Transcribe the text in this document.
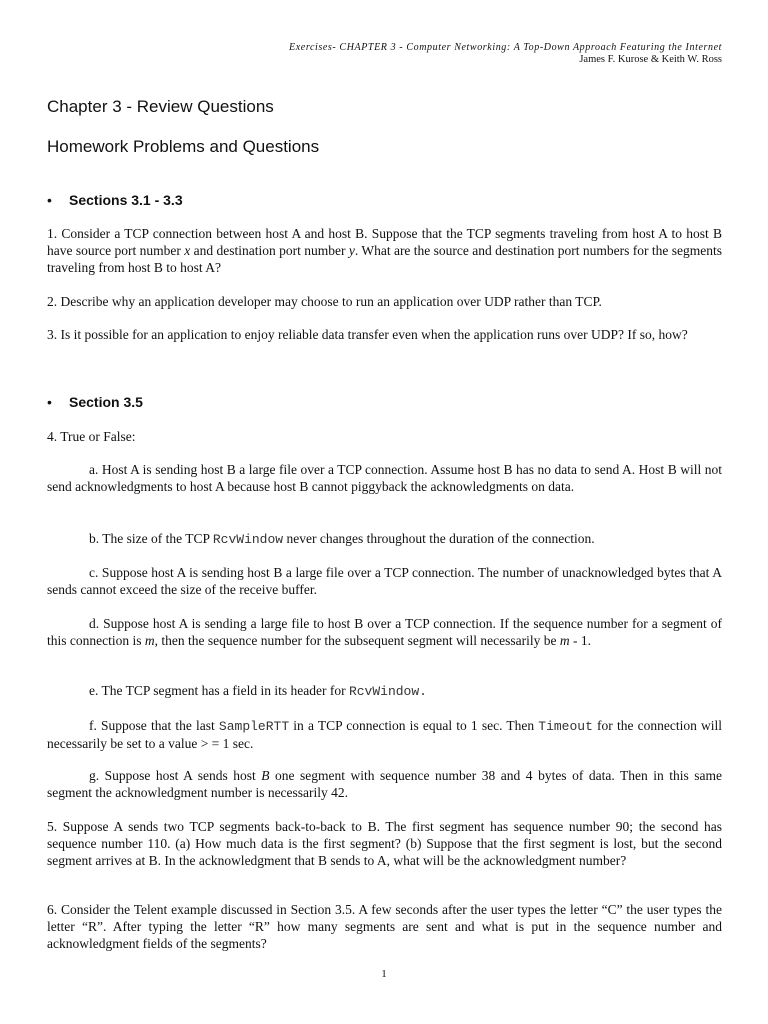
Exercises- CHAPTER 3 - Computer Networking: A Top-Down Approach Featuring the Internet
James F. Kurose & Keith W. Ross
Chapter 3 - Review Questions
Homework Problems and Questions
• Sections 3.1 - 3.3

1. Consider a TCP connection between host A and host B. Suppose that the TCP segments traveling from host A to host B have source port number x and destination port number y. What are the source and destination port numbers for the segments traveling from host B to host A?

2. Describe why an application developer may choose to run an application over UDP rather than TCP.

3. Is it possible for an application to enjoy reliable data transfer even when the application runs over UDP? If so, how?

• Section 3.5

4. True or False:

a. Host A is sending host B a large file over a TCP connection. Assume host B has no data to send A. Host B will not send acknowledgments to host A because host B cannot piggyback the acknowledgments on data.

b. The size of the TCP RcvWindow never changes throughout the duration of the connection.

c. Suppose host A is sending host B a large file over a TCP connection. The number of unacknowledged bytes that A sends cannot exceed the size of the receive buffer.

d. Suppose host A is sending a large file to host B over a TCP connection. If the sequence number for a segment of this connection is m, then the sequence number for the subsequent segment will necessarily be m - 1.

e. The TCP segment has a field in its header for RcvWindow.

f. Suppose that the last SampleRTT in a TCP connection is equal to 1 sec. Then Timeout for the connection will necessarily be set to a value > = 1 sec.

g. Suppose host A sends host B one segment with sequence number 38 and 4 bytes of data. Then in this same segment the acknowledgment number is necessarily 42.

5. Suppose A sends two TCP segments back-to-back to B. The first segment has sequence number 90; the second has sequence number 110. (a) How much data is the first segment? (b) Suppose that the first segment is lost, but the second segment arrives at B. In the acknowledgment that B sends to A, what will be the acknowledgment number?

6. Consider the Telent example discussed in Section 3.5. A few seconds after the user types the letter “C” the user types the letter “R”. After typing the letter “R” how many segments are sent and what is put in the sequence number and acknowledgment fields of the segments?

1
